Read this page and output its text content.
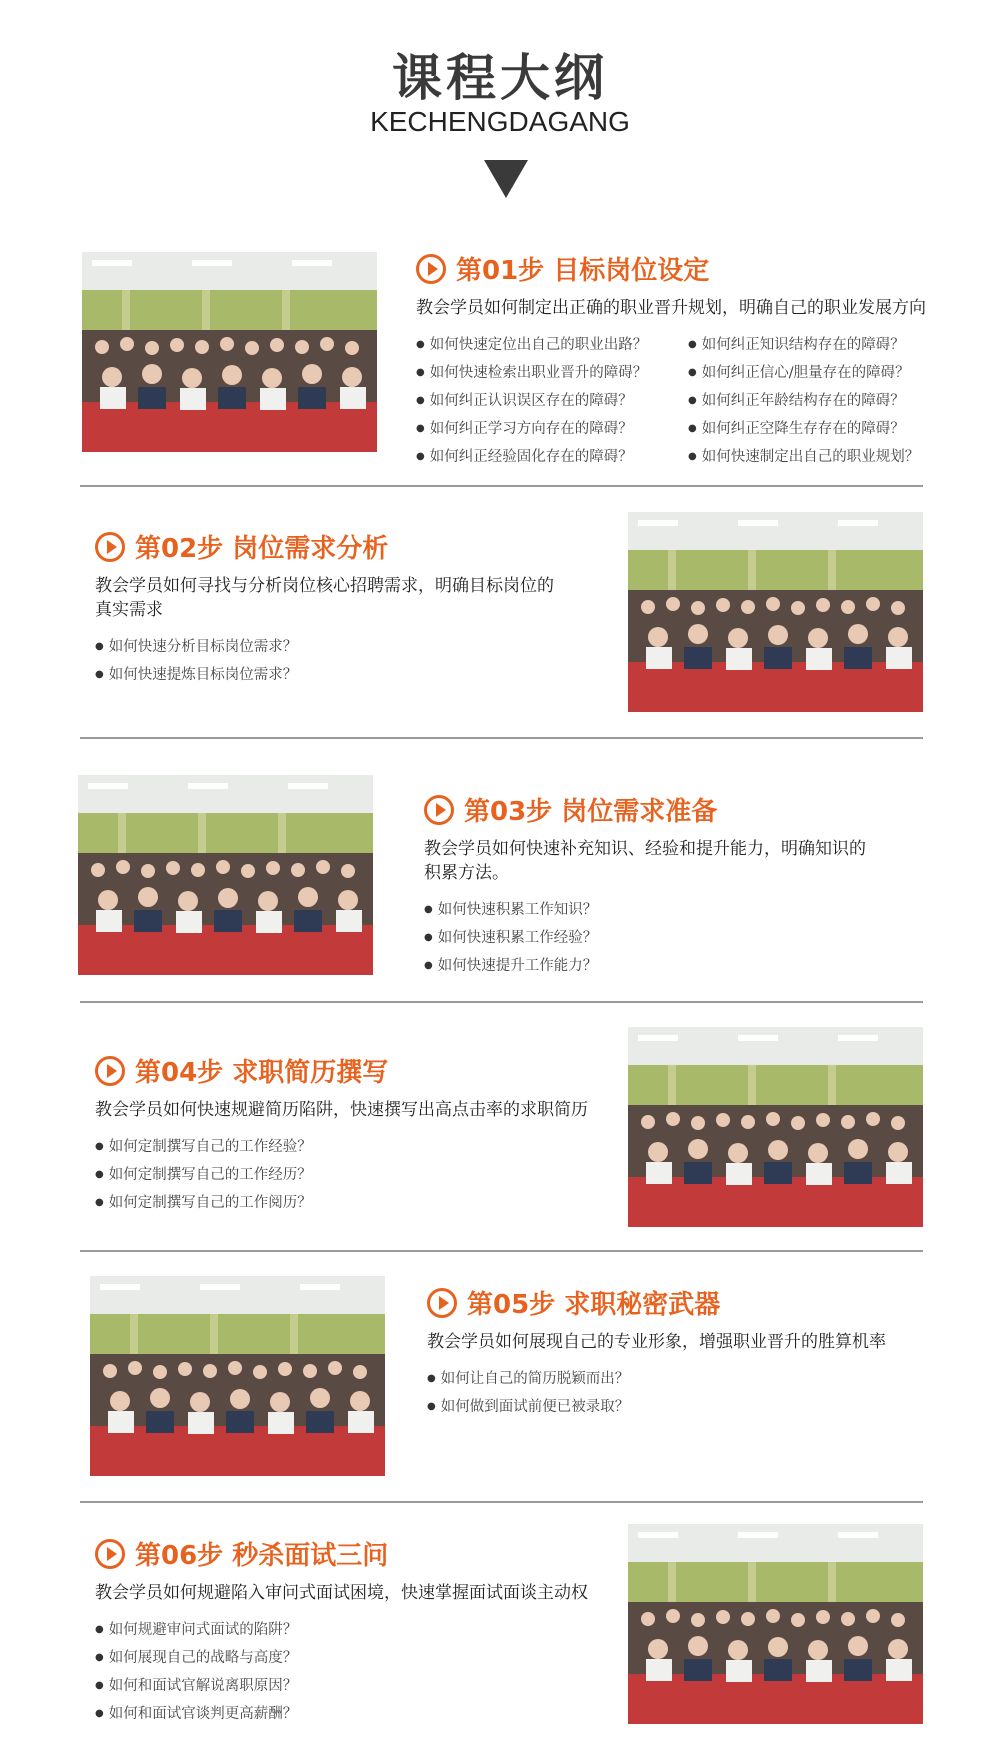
课程大纲
KECHENGDAGANG
第01步 目标岗位设定
教会学员如何制定出正确的职业晋升规划，明确自己的职业发展方向
● 如何快速定位出自己的职业出路？
● 如何快速检索出职业晋升的障碍？
● 如何纠正认识误区存在的障碍？
● 如何纠正学习方向存在的障碍？
● 如何纠正经验固化存在的障碍？
● 如何纠正知识结构存在的障碍？
● 如何纠正信心/胆量存在的障碍？
● 如何纠正年龄结构存在的障碍？
● 如何纠正空降生存存在的障碍？
● 如何快速制定出自己的职业规划？
第02步 岗位需求分析
教会学员如何寻找与分析岗位核心招聘需求，明确目标岗位的
真实需求
● 如何快速分析目标岗位需求？
● 如何快速提炼目标岗位需求？
第03步 岗位需求准备
教会学员如何快速补充知识、经验和提升能力，明确知识的
积累方法。
● 如何快速积累工作知识？
● 如何快速积累工作经验？
● 如何快速提升工作能力？
第04步 求职简历撰写
教会学员如何快速规避简历陷阱，快速撰写出高点击率的求职简历
● 如何定制撰写自己的工作经验？
● 如何定制撰写自己的工作经历？
● 如何定制撰写自己的工作阅历？
第05步 求职秘密武器
教会学员如何展现自己的专业形象，增强职业晋升的胜算机率
● 如何让自己的简历脱颖而出？
● 如何做到面试前便已被录取？
第06步 秒杀面试三问
教会学员如何规避陷入审问式面试困境，快速掌握面试面谈主动权
● 如何规避审问式面试的陷阱？
● 如何展现自己的战略与高度？
● 如何和面试官解说离职原因？
● 如何和面试官谈判更高薪酬？
